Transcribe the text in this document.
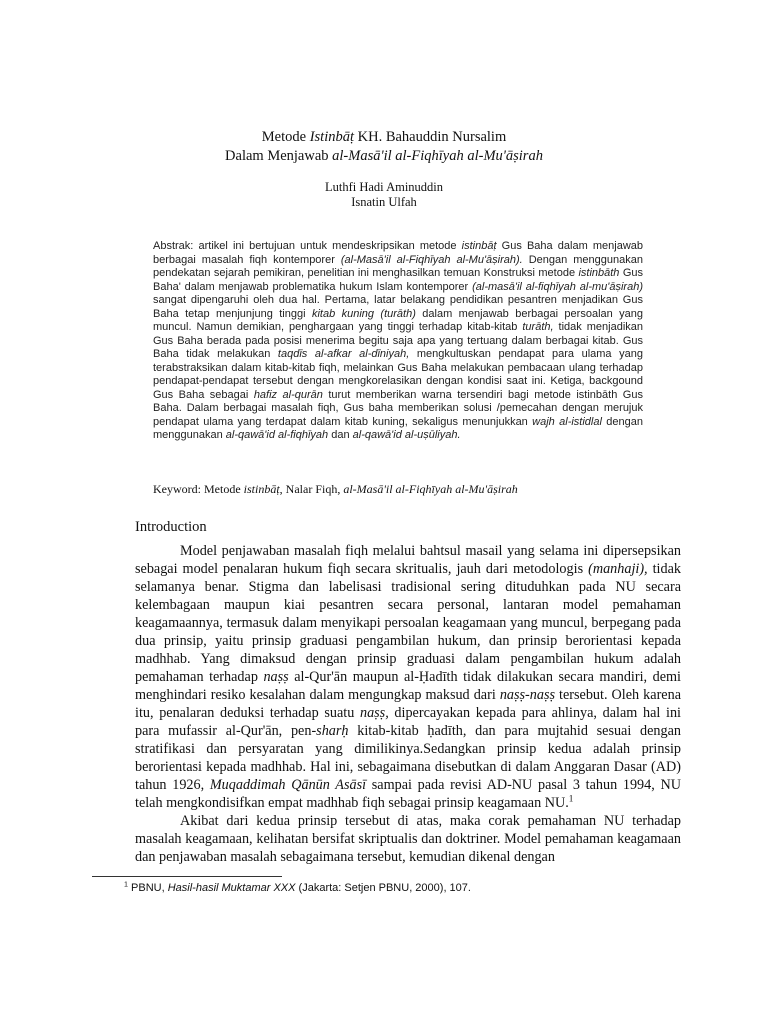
Metode Istinbāṭ KH. Bahauddin Nursalim
Dalam Menjawab al-Masā'il al-Fiqhīyah al-Mu'āṣirah
Luthfi Hadi Aminuddin
Isnatin Ulfah
Abstrak: artikel ini bertujuan untuk mendeskripsikan metode istinbāṭ Gus Baha dalam menjawab berbagai masalah fiqh kontemporer (al-Masā'il al-Fiqhīyah al-Mu'āṣirah). Dengan menggunakan pendekatan sejarah pemikiran, penelitian ini menghasilkan temuan Konstruksi metode istinbāth Gus Baha' dalam menjawab problematika hukum Islam kontemporer (al-masā'il al-fiqhīyah al-mu'āṣirah) sangat dipengaruhi oleh dua hal. Pertama, latar belakang pendidikan pesantren menjadikan Gus Baha tetap menjunjung tinggi kitab kuning (turāth) dalam menjawab berbagai persoalan yang muncul. Namun demikian, penghargaan yang tinggi terhadap kitab-kitab turāth, tidak menjadikan Gus Baha berada pada posisi menerima begitu saja apa yang tertuang dalam berbagai kitab. Gus Baha tidak melakukan taqdīs al-afkar al-dīniyah, mengkultuskan pendapat para ulama yang terabstraksikan dalam kitab-kitab fiqh, melainkan Gus Baha melakukan pembacaan ulang terhadap pendapat-pendapat tersebut dengan mengkorelasikan dengan kondisi saat ini. Ketiga, backgound Gus Baha sebagai hafiz al-qurān turut memberikan warna tersendiri bagi metode istinbāth Gus Baha. Dalam berbagai masalah fiqh, Gus baha memberikan solusi /pemecahan dengan merujuk pendapat ulama yang terdapat dalam kitab kuning, sekaligus menunjukkan wajh al-istidlal dengan menggunakan al-qawā'id al-fiqhīyah dan al-qawā'id al-uṣūliyah.
Keyword: Metode istinbāṭ, Nalar Fiqh, al-Masā'il al-Fiqhīyah al-Mu'āṣirah
Introduction

Model penjawaban masalah fiqh melalui bahtsul masail yang selama ini dipersepsikan sebagai model penalaran hukum fiqh secara skritualis, jauh dari metodologis (manhaji), tidak selamanya benar. Stigma dan labelisasi tradisional sering dituduhkan pada NU secara kelembagaan maupun kiai pesantren secara personal, lantaran model pemahaman keagamaannya, termasuk dalam menyikapi persoalan keagamaan yang muncul, berpegang pada dua prinsip, yaitu prinsip graduasi pengambilan hukum, dan prinsip berorientasi kepada madhhab. Yang dimaksud dengan prinsip graduasi dalam pengambilan hukum adalah pemahaman terhadap naṣṣ al-Qur'ān maupun al-Ḥadīth tidak dilakukan secara mandiri, demi menghindari resiko kesalahan dalam mengungkap maksud dari naṣṣ-naṣṣ tersebut. Oleh karena itu, penalaran deduksi terhadap suatu naṣṣ, dipercayakan kepada para ahlinya, dalam hal ini para mufassir al-Qur'ān, pen-sharḥ kitab-kitab ḥadīth, dan para mujtahid sesuai dengan stratifikasi dan persyaratan yang dimilikinya.Sedangkan prinsip kedua adalah prinsip berorientasi kepada madhhab. Hal ini, sebagaimana disebutkan di dalam Anggaran Dasar (AD) tahun 1926, Muqaddimah Qānūn Asāsī sampai pada revisi AD-NU pasal 3 tahun 1994, NU telah mengkondisifkan empat madhhab fiqh sebagai prinsip keagamaan NU.$^1$

Akibat dari kedua prinsip tersebut di atas, maka corak pemahaman NU terhadap masalah keagamaan, kelihatan bersifat skriptualis dan doktriner. Model pemahaman keagamaan dan penjawaban masalah sebagaimana tersebut, kemudian dikenal dengan

$^1$ PBNU, Hasil-hasil Muktamar XXX (Jakarta: Setjen PBNU, 2000), 107.
